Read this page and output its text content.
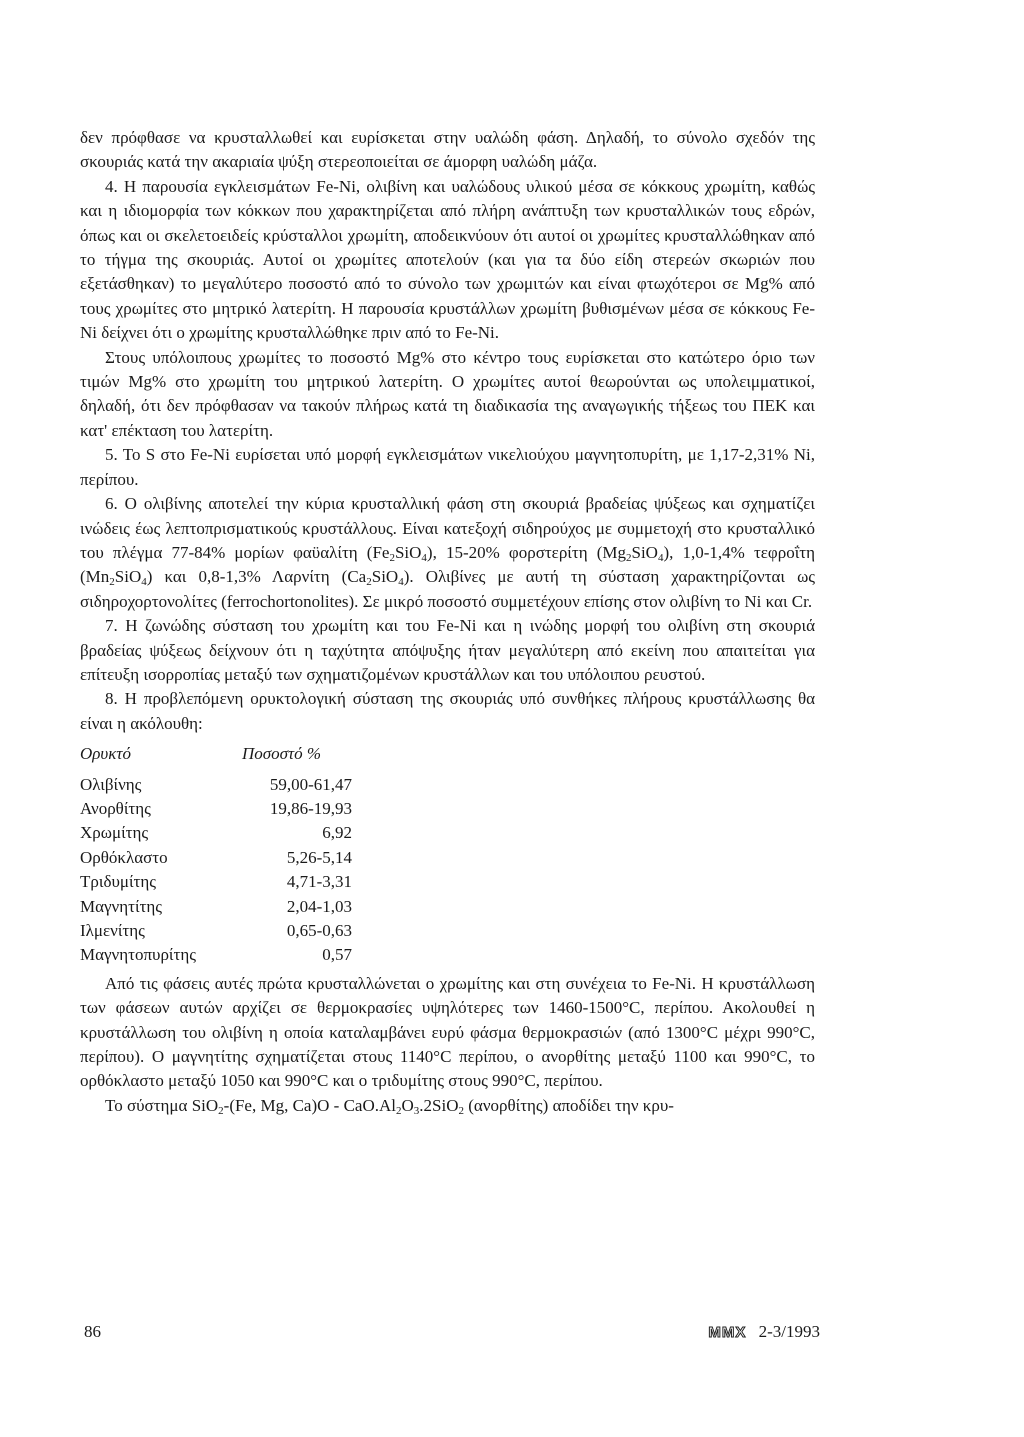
δεν πρόφθασε να κρυσταλλωθεί και ευρίσκεται στην υαλώδη φάση. Δηλαδή, το σύνολο σχεδόν της σκουριάς κατά την ακαριαία ψύξη στερεοποιείται σε άμορφη υαλώδη μάζα.

4. Η παρουσία εγκλεισμάτων Fe-Ni, ολιβίνη και υαλώδους υλικού μέσα σε κόκκους χρωμίτη, καθώς και η ιδιομορφία των κόκκων που χαρακτηρίζεται από πλήρη ανάπτυξη των κρυσταλλικών τους εδρών, όπως και οι σκελετοειδείς κρύσταλλοι χρωμίτη, αποδεικνύουν ότι αυτοί οι χρωμίτες κρυσταλλώθηκαν από το τήγμα της σκουριάς. Αυτοί οι χρωμίτες αποτελούν (και για τα δύο είδη στερεών σκωριών που εξετάσθηκαν) το μεγαλύτερο ποσοστό από το σύνολο των χρωμιτών και είναι φτωχότεροι σε Mg% από τους χρωμίτες στο μητρικό λατερίτη. Η παρουσία κρυστάλλων χρωμίτη βυθισμένων μέσα σε κόκκους Fe-Ni δείχνει ότι ο χρωμίτης κρυσταλλώθηκε πριν από το Fe-Ni.

Στους υπόλοιπους χρωμίτες το ποσοστό Mg% στο κέντρο τους ευρίσκεται στο κατώτερο όριο των τιμών Mg% στο χρωμίτη του μητρικού λατερίτη. Ο χρωμίτες αυτοί θεωρούνται ως υπολειμματικοί, δηλαδή, ότι δεν πρόφθασαν να τακούν πλήρως κατά τη διαδικασία της αναγωγικής τήξεως του ΠΕΚ και κατ' επέκταση του λατερίτη.

5. Το S στο Fe-Ni ευρίσεται υπό μορφή εγκλεισμάτων νικελιούχου μαγνητοπυρίτη, με 1,17-2,31% Ni, περίπου.

6. Ο ολιβίνης αποτελεί την κύρια κρυσταλλική φάση στη σκουριά βραδείας ψύξεως και σχηματίζει ινώδεις έως λεπτοπρισματικούς κρυστάλλους. Είναι κατεξοχή σιδηρούχος με συμμετοχή στο κρυσταλλικό του πλέγμα 77-84% μορίων φαϋαλίτη $(Fe_2SiO_4)$, 15-20% φορστερίτη $(Mg_2SiO_4)$, 1,0-1,4% τεφροΐτη $(Mn_2SiO_4)$ και 0,8-1,3% Λαρνίτη $(Ca_2SiO_4)$. Ολιβίνες με αυτή τη σύσταση χαρακτηρίζονται ως σιδηροχορτονολίτες (ferrochortonolites). Σε μικρό ποσοστό συμμετέχουν επίσης στον ολιβίνη το Ni και Cr.

7. Η ζωνώδης σύσταση του χρωμίτη και του Fe-Ni και η ινώδης μορφή του ολιβίνη στη σκουριά βραδείας ψύξεως δείχνουν ότι η ταχύτητα απόψυξης ήταν μεγαλύτερη από εκείνη που απαιτείται για επίτευξη ισορροπίας μεταξύ των σχηματιζομένων κρυστάλλων και του υπόλοιπου ρευστού.

8. Η προβλεπόμενη ορυκτολογική σύσταση της σκουριάς υπό συνθήκες πλήρους κρυστάλλωσης θα είναι η ακόλουθη:

Ορυκτό	Ποσοστό %
Ολιβίνης	59,00-61,47
Ανορθίτης	19,86-19,93
Χρωμίτης	6,92
Ορθόκλαστο	5,26-5,14
Τριδυμίτης	4,71-3,31
Μαγνητίτης	2,04-1,03
Ιλμενίτης	0,65-0,63
Μαγνητοπυρίτης	0,57

Από τις φάσεις αυτές πρώτα κρυσταλλώνεται ο χρωμίτης και στη συνέχεια το Fe-Ni. Η κρυστάλλωση των φάσεων αυτών αρχίζει σε θερμοκρασίες υψηλότερες των 1460-1500°C, περίπου. Ακολουθεί η κρυστάλλωση του ολιβίνη η οποία καταλαμβάνει ευρύ φάσμα θερμοκρασιών (από 1300°C μέχρι 990°C, περίπου). Ο μαγνητίτης σχηματίζεται στους 1140°C περίπου, ο ανορθίτης μεταξύ 1100 και 990°C, το ορθόκλαστο μεταξύ 1050 και 990°C και ο τριδυμίτης στους 990°C, περίπου.

Το σύστημα SiO$_2$-(Fe, Mg, $Ca)O - CaO.Al_2O_3.2SiO_2$ (ανορθίτης) αποδίδει την κρυ-

86	ΜΜΧ 2-3/1993
